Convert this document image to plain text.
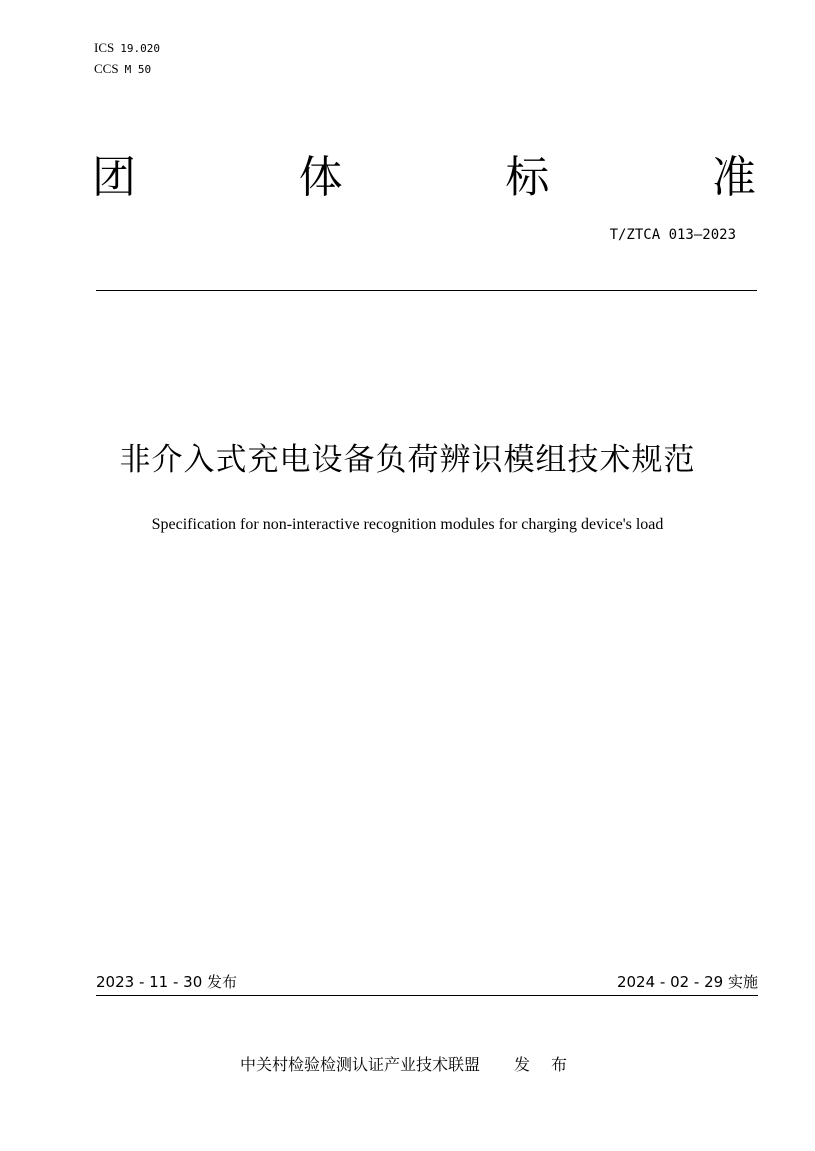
ICS 19.020
CCS M 50
团	体	标	准
T/ZTCA 013—2023
非介入式充电设备负荷辨识模组技术规范
Specification for non-interactive recognition modules for charging device's load
2023 - 11 - 30 发布	2024 - 02 - 29 实施
中关村检验检测认证产业技术联盟 发 布
